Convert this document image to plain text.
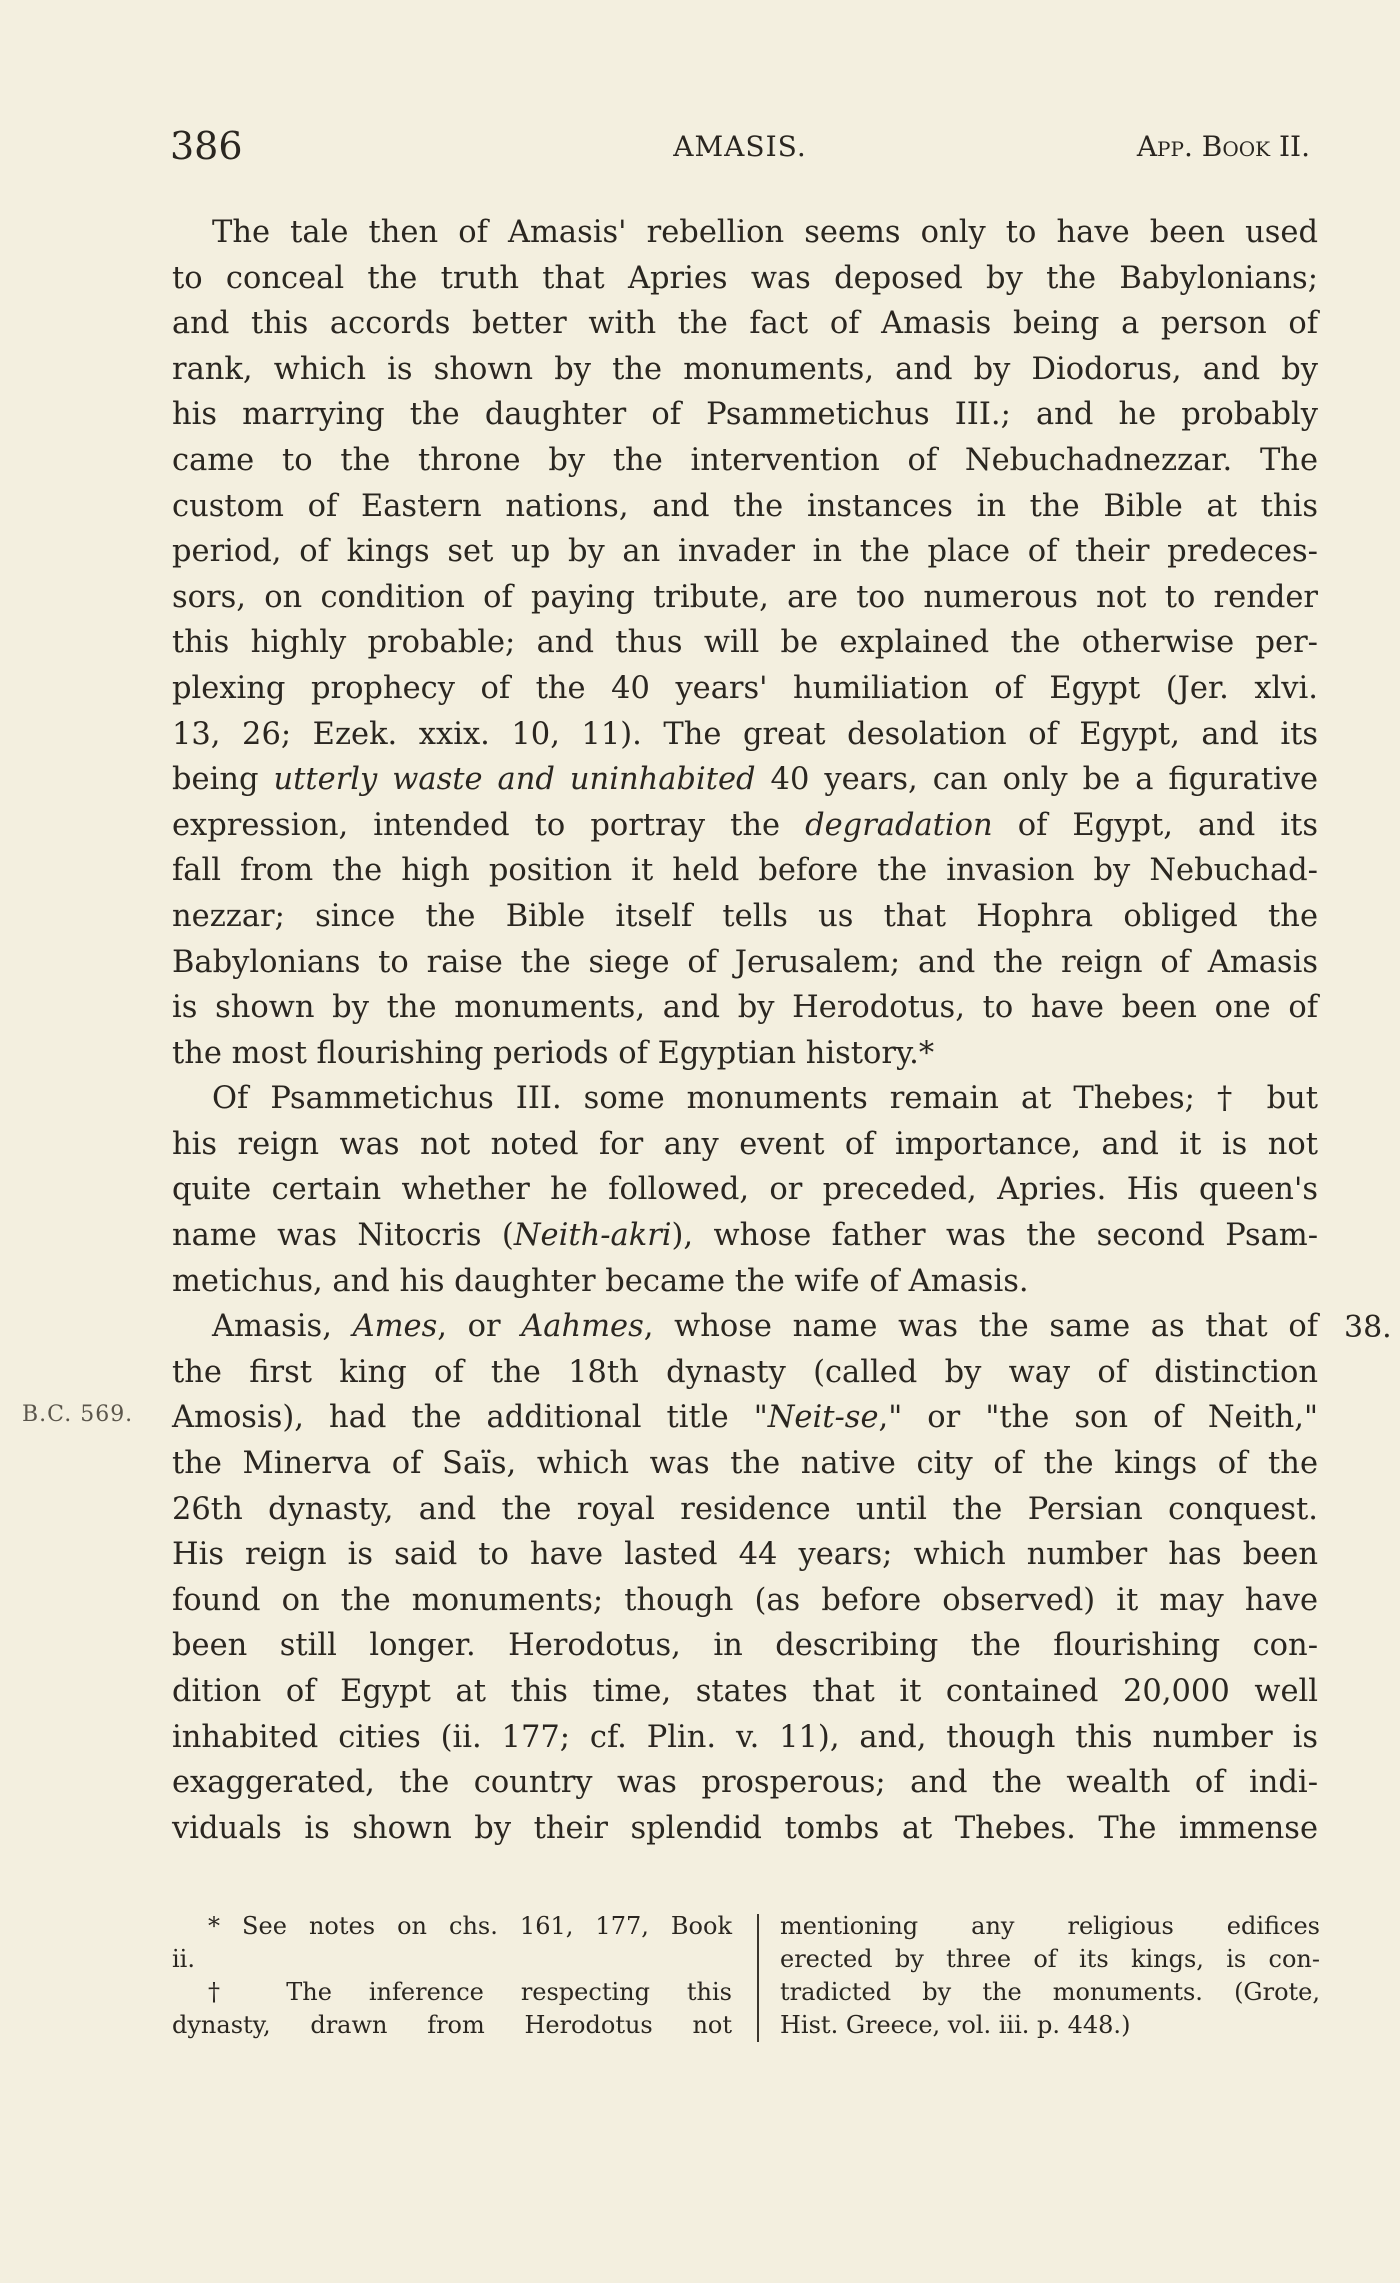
386	AMASIS.	App. Book II.
B.C. 569.
38.
The tale then of Amasis' rebellion seems only to have been used
to conceal the truth that Apries was deposed by the Babylonians;
and this accords better with the fact of Amasis being a person of
rank, which is shown by the monuments, and by Diodorus, and by
his marrying the daughter of Psammetichus III.; and he probably
came to the throne by the intervention of Nebuchadnezzar. The
custom of Eastern nations, and the instances in the Bible at this
period, of kings set up by an invader in the place of their predeces-
sors, on condition of paying tribute, are too numerous not to render
this highly probable; and thus will be explained the otherwise per-
plexing prophecy of the 40 years' humiliation of Egypt (Jer. xlvi.
13, 26; Ezek. xxix. 10, 11). The great desolation of Egypt, and its
being utterly waste and uninhabited 40 years, can only be a figurative
expression, intended to portray the degradation of Egypt, and its
fall from the high position it held before the invasion by Nebuchad-
nezzar; since the Bible itself tells us that Hophra obliged the
Babylonians to raise the siege of Jerusalem; and the reign of Amasis
is shown by the monuments, and by Herodotus, to have been one of
the most flourishing periods of Egyptian history.*
Of Psammetichus III. some monuments remain at Thebes; † but
his reign was not noted for any event of importance, and it is not
quite certain whether he followed, or preceded, Apries. His queen's
name was Nitocris (Neith-akri), whose father was the second Psam-
metichus, and his daughter became the wife of Amasis.
Amasis, Ames, or Aahmes, whose name was the same as that of
the first king of the 18th dynasty (called by way of distinction
Amosis), had the additional title "Neit-se," or "the son of Neith,"
the Minerva of Saïs, which was the native city of the kings of the
26th dynasty, and the royal residence until the Persian conquest.
His reign is said to have lasted 44 years; which number has been
found on the monuments; though (as before observed) it may have
been still longer. Herodotus, in describing the flourishing con-
dition of Egypt at this time, states that it contained 20,000 well
inhabited cities (ii. 177; cf. Plin. v. 11), and, though this number is
exaggerated, the country was prosperous; and the wealth of indi-
viduals is shown by their splendid tombs at Thebes. The immense
* See notes on chs. 161, 177, Book
ii.
† The inference respecting this
dynasty, drawn from Herodotus not
mentioning any religious edifices
erected by three of its kings, is con-
tradicted by the monuments. (Grote,
Hist. Greece, vol. iii. p. 448.)
